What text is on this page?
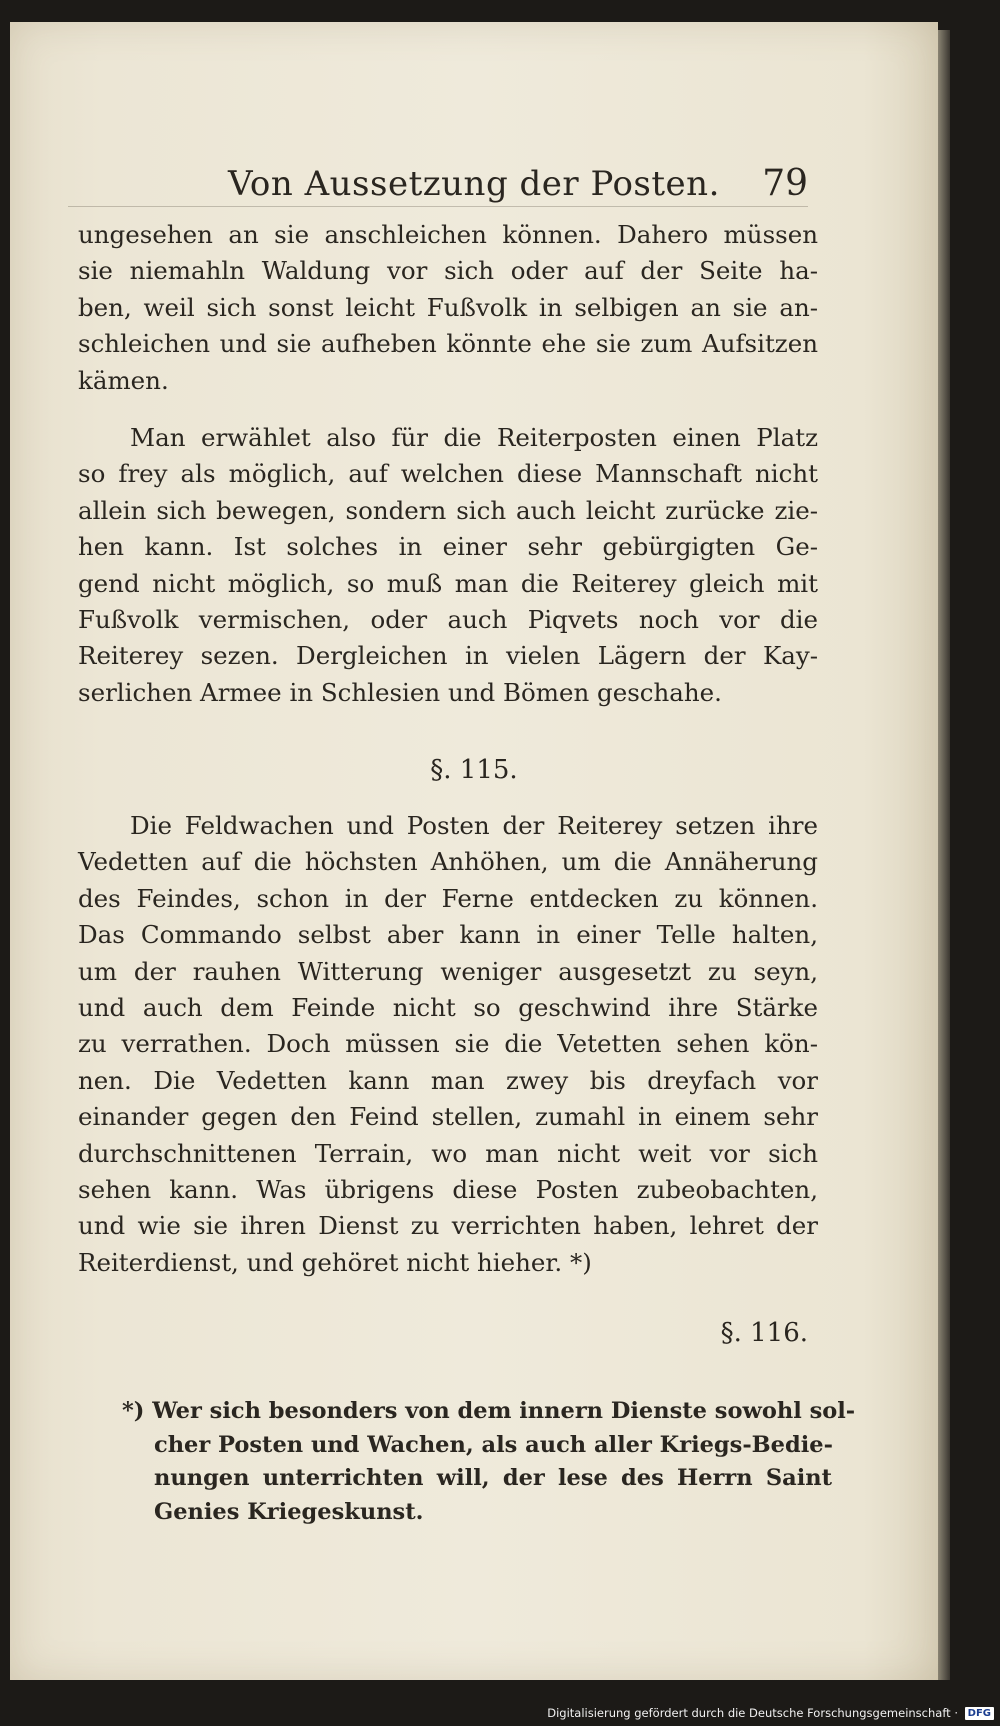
Von Aussetzung der Posten. 79
ungesehen an sie anschleichen können. Dahero müssen
sie niemahln Waldung vor sich oder auf der Seite ha-
ben, weil sich sonst leicht Fußvolk in selbigen an sie an-
schleichen und sie aufheben könnte ehe sie zum Aufsitzen
kämen.
Man erwählet also für die Reiterposten einen Platz
so frey als möglich, auf welchen diese Mannschaft nicht
allein sich bewegen, sondern sich auch leicht zurücke zie-
hen kann. Ist solches in einer sehr gebürgigten Ge-
gend nicht möglich, so muß man die Reiterey gleich mit
Fußvolk vermischen, oder auch Piqvets noch vor die
Reiterey sezen. Dergleichen in vielen Lägern der Kay-
serlichen Armee in Schlesien und Bömen geschahe.
§. 115.
Die Feldwachen und Posten der Reiterey setzen ihre
Vedetten auf die höchsten Anhöhen, um die Annäherung
des Feindes, schon in der Ferne entdecken zu können.
Das Commando selbst aber kann in einer Telle halten,
um der rauhen Witterung weniger ausgesetzt zu seyn,
und auch dem Feinde nicht so geschwind ihre Stärke
zu verrathen. Doch müssen sie die Vetetten sehen kön-
nen. Die Vedetten kann man zwey bis dreyfach vor
einander gegen den Feind stellen, zumahl in einem sehr
durchschnittenen Terrain, wo man nicht weit vor sich
sehen kann. Was übrigens diese Posten zubeobachten,
und wie sie ihren Dienst zu verrichten haben, lehret der
Reiterdienst, und gehöret nicht hieher. *)
§. 116.
*) Wer sich besonders von dem innern Dienste sowohl sol-
cher Posten und Wachen, als auch aller Kriegs-Bedie-
nungen unterrichten will, der lese des Herrn Saint
Genies Kriegeskunst.
Digitalisierung gefördert durch die Deutsche Forschungsgemeinschaft · DFG
